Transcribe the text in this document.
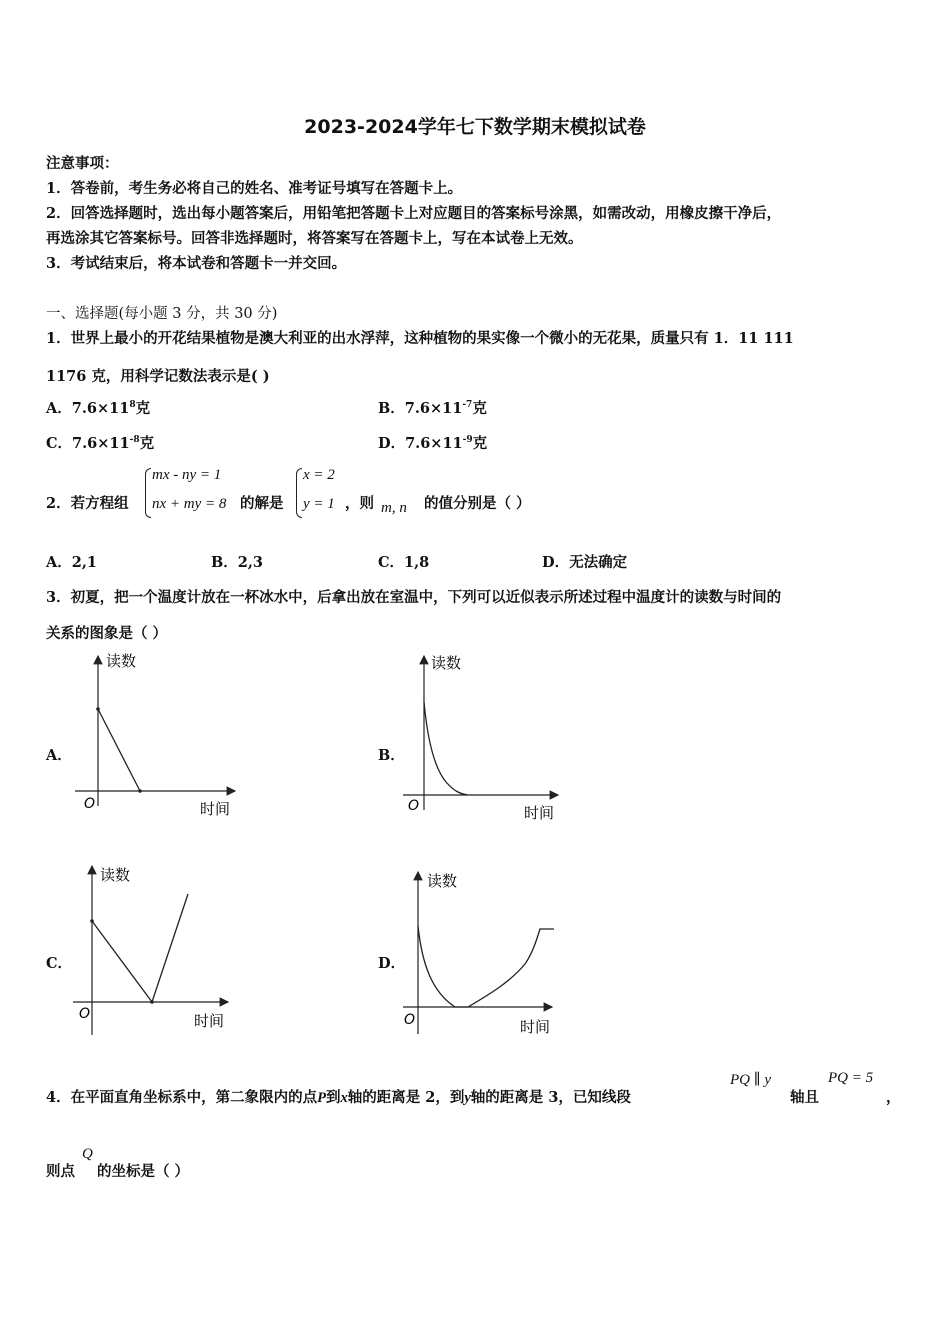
2023-2024学年七下数学期末模拟试卷
注意事项：
1．答卷前，考生务必将自己的姓名、准考证号填写在答题卡上。
2．回答选择题时，选出每小题答案后，用铅笔把答题卡上对应题目的答案标号涂黑，如需改动，用橡皮擦干净后，
再选涂其它答案标号。回答非选择题时，将答案写在答题卡上，写在本试卷上无效。
3．考试结束后，将本试卷和答题卡一并交回。
一、选择题(每小题 3 分，共 30 分)
1．世界上最小的开花结果植物是澳大利亚的出水浮萍，这种植物的果实像一个微小的无花果，质量只有 1．11 111
1176 克，用科学记数法表示是( )
A．$7.6\times 11^8$克	B．$7.6\times 11^{-7}$克
C．$7.6\times 11^{-8}$克	D．$7.6\times 11^{-9}$克
2．若方程组
mx - ny = 1
nx + my = 8 的解是
x = 2
y = 1 ，则 m, n 的值分别是（ ）
A．2,1	B．2,3	C．1,8	D．无法确定
3．初夏，把一个温度计放在一杯冰水中，后拿出放在室温中，下列可以近似表示所述过程中温度计的读数与时间的
关系的图象是（ ）
A．
读数
时间
O
B．
读数
时间
O
C．
读数
时间
O
D．
读数
时间
O
4．在平面直角坐标系中，第二象限内的点P到x轴的距离是 2，到y轴的距离是 3，已知线段
PQ ∥ y
轴且
PQ = 5
，
则点
Q
的坐标是（ ）
